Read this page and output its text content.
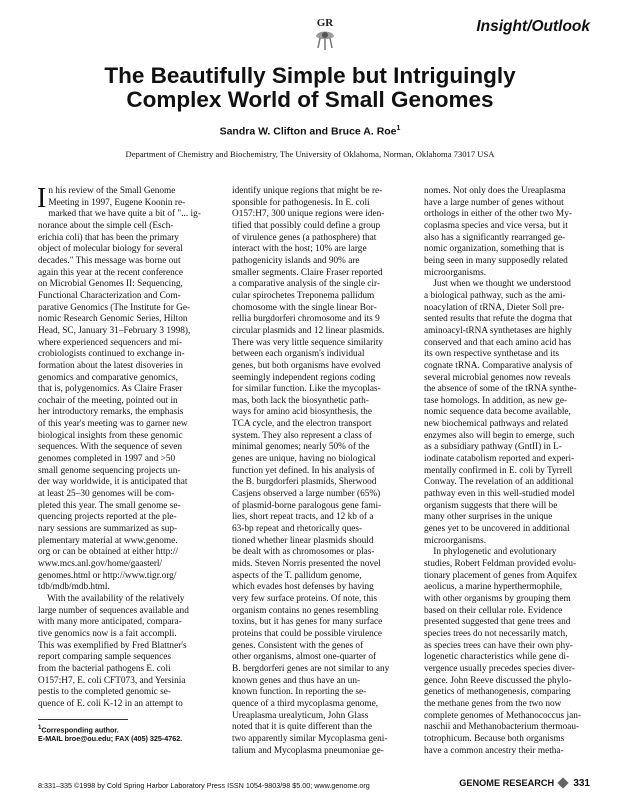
GR	Insight/Outlook
The Beautifully Simple but Intriguingly
Complex World of Small Genomes
Sandra W. Clifton and Bruce A. Roe$^1$
Department of Chemistry and Biochemistry, The University of Oklahoma, Norman, Oklahoma 73017 USA
I n his review of the Small Genome

Meeting in 1997, Eugene Koonin re-

marked that we have quite a bit of "... ig-

norance about the simple cell (Esch-

erichia coli) that has been the primary

object of molecular biology for several

decades." This message was borne out

again this year at the recent conference

on Microbial Genomes II: Sequencing,

Functional Characterization and Com-

parative Genomics (The Institute for Ge-

nomic Research Genomic Series, Hilton

Head, SC, January 31–February 3 1998),

where experienced sequencers and mi-

crobiologists continued to exchange in-

formation about the latest disoveries in

genomics and comparative genomics,

that is, polygenomics. As Claire Fraser

cochair of the meeting, pointed out in

her introductory remarks, the emphasis

of this year's meeting was to garner new

biological insights from these genomic

sequences. With the sequence of seven

genomes completed in 1997 and >50

small genome sequencing projects un-

der way worldwide, it is anticipated that

at least 25–30 genomes will be com-

pleted this year. The small genome se-

quencing projects reported at the ple-

nary sessions are summarized as sup-

plementary material at www.genome.

org or can be obtained at either http://

www.mcs.anl.gov/home/gaasterl/

genomes.html or http://www.tigr.org/

tdb/mdb/mdb.html.

With the availability of the relatively

large number of sequences available and

with many more anticipated, compara-

tive genomics now is a fait accompli.

This was exemplified by Fred Blattner's

report comparing sample sequences

from the bacterial pathogens E. coli

O157:H7, E. coli CFT073, and Yersinia

pestis to the completed genomic se-

quence of E. coli K-12 in an attempt to

identify unique regions that might be re-

sponsible for pathogenesis. In E. coli

O157:H7, 300 unique regions were iden-

tified that possibly could define a group

of virulence genes (a pathosphere) that

interact with the host; 10% are large

pathogenicity islands and 90% are

smaller segments. Claire Fraser reported

a comparative analysis of the single cir-

cular spirochetes Treponema pallidum

chomosome with the single linear Bor-

rellia burgdorferi chromosome and its 9

circular plasmids and 12 linear plasmids.

There was very little sequence similarity

between each organism's individual

genes, but both organisms have evolved

seemingly independent regions coding

for similar function. Like the mycoplas-

mas, both lack the biosynthetic path-

ways for amino acid biosynthesis, the

TCA cycle, and the electron transport

system. They also represent a class of

minimal genomes; nearly 50% of the

genes are unique, having no biological

function yet defined. In his analysis of

the B. burgdorferi plasmids, Sherwood

Casjens observed a large number (65%)

of plasmid-borne paralogous gene fami-

lies, short repeat tracts, and 12 kb of a

63-bp repeat and rhetorically ques-

tioned whether linear plasmids should

be dealt with as chromosomes or plas-

mids. Steven Norris presented the novel

aspects of the T. pallidum genome,

which evades host defenses by having

very few surface proteins. Of note, this

organism contains no genes resembling

toxins, but it has genes for many surface

proteins that could be possible virulence

genes. Consistent with the genes of

other organisms, almost one-quarter of

B. bergdorferi genes are not similar to any

known genes and thus have an un-

known function. In reporting the se-

quence of a third mycoplasma genome,

Ureaplasma urealyticum, John Glass

noted that it is quite different than the

two apparently similar Mycoplasma geni-

talium and Mycoplasma pneumoniae ge-

nomes. Not only does the Ureaplasma

have a large number of genes without

orthologs in either of the other two My-

coplasma species and vice versa, but it

also has a significantly rearranged ge-

nomic organization, something that is

being seen in many supposedly related

microorganisms.

Just when we thought we understood

a biological pathway, such as the ami-

noacylation of tRNA, Dieter Soll pre-

sented results that refute the dogma that

aminoacyl-tRNA synthetases are highly

conserved and that each amino acid has

its own respective synthetase and its

cognate tRNA. Comparative analysis of

several microbial genomes now reveals

the absence of some of the tRNA synthe-

tase homologs. In addition, as new ge-

nomic sequence data become available,

new biochemical pathways and related

enzymes also will begin to emerge, such

as a subsidiary pathway (GntII) in L-

iodinate catabolism reported and experi-

mentally confirmed in E. coli by Tyrrell

Conway. The revelation of an additional

pathway even in this well-studied model

organism suggests that there will be

many other surprises in the unique

genes yet to be uncovered in additional

microorganisms.

In phylogenetic and evolutionary

studies, Robert Feldman provided evolu-

tionary placement of genes from Aquifex

aeolicus, a marine hyperthermophile,

with other organisms by grouping them

based on their cellular role. Evidence

presented suggested that gene trees and

species trees do not necessarily match,

as species trees can have their own phy-

logenetic characteristics while gene di-

vergence usually precedes species diver-

gence. John Reeve discussed the phylo-

genetics of methanogenesis, comparing

the methane genes from the two now

complete genomes of Methanococcus jan-

naschii and Methanobacterium thermoau-

totrophicum. Because both organisms

have a common ancestry their metha-

$^1$Corresponding author.
E-MAIL broe@ou.edu; FAX (405) 325-4762.
8:331–335 ©1998 by Cold Spring Harbor Laboratory Press ISSN 1054-9803/98 $5.00; www.genome.org	GENOME RESEARCH 331
